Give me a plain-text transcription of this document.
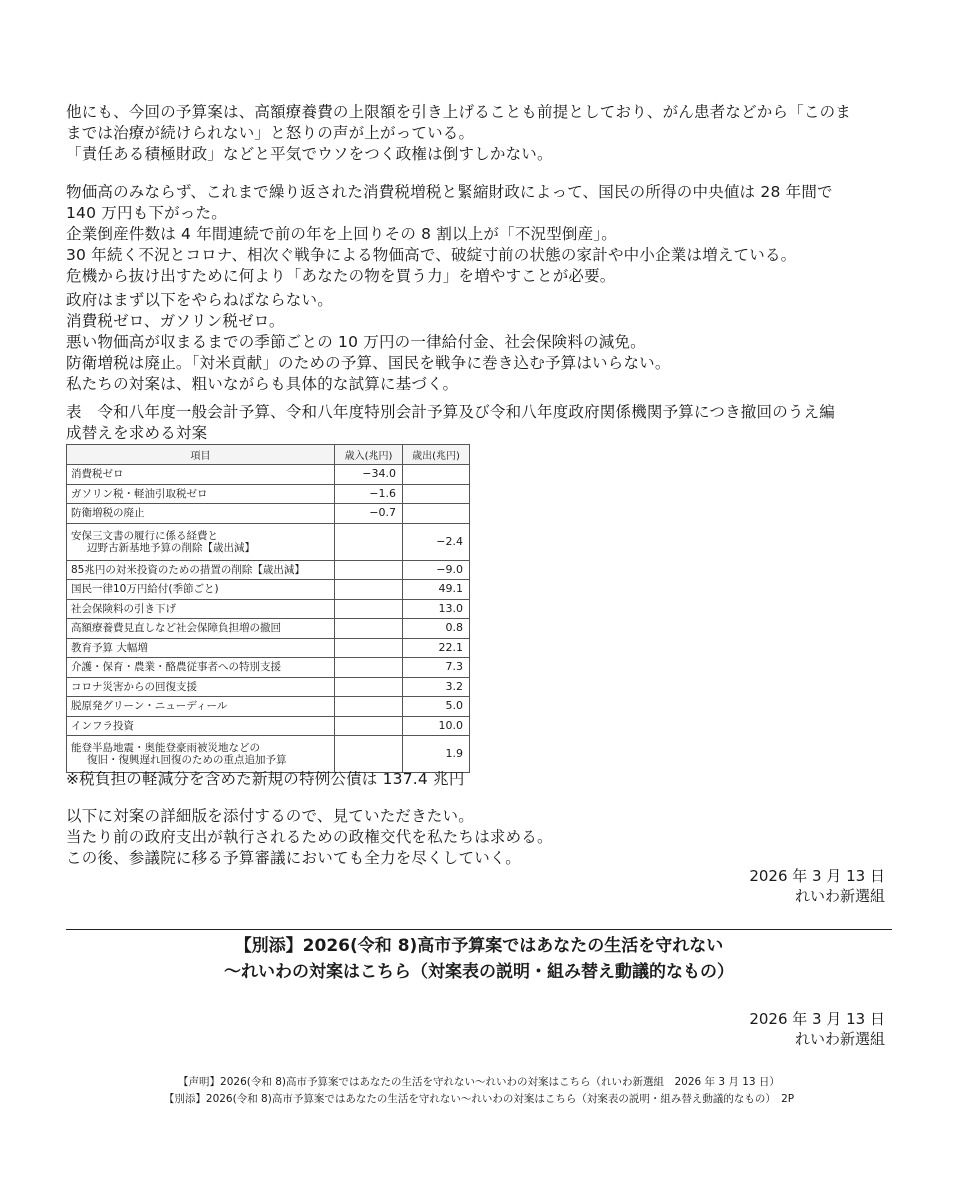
他にも、今回の予算案は、高額療養費の上限額を引き上げることも前提としており、がん患者などから「このま
までは治療が続けられない」と怒りの声が上がっている。
「責任ある積極財政」などと平気でウソをつく政権は倒すしかない。
物価高のみならず、これまで繰り返された消費税増税と緊縮財政によって、国民の所得の中央値は 28 年間で
140 万円も下がった。
企業倒産件数は 4 年間連続で前の年を上回りその 8 割以上が「不況型倒産」。
30 年続く不況とコロナ、相次ぐ戦争による物価高で、破綻寸前の状態の家計や中小企業は増えている。
危機から抜け出すために何より「あなたの物を買う力」を増やすことが必要。
政府はまず以下をやらねばならない。
消費税ゼロ、ガソリン税ゼロ。
悪い物価高が収まるまでの季節ごとの 10 万円の一律給付金、社会保険料の減免。
防衛増税は廃止。「対米貢献」のための予算、国民を戦争に巻き込む予算はいらない。
私たちの対案は、粗いながらも具体的な試算に基づく。
表　令和八年度一般会計予算、令和八年度特別会計予算及び令和八年度政府関係機関予算につき撤回のうえ編
成替えを求める対案
項目	歳入(兆円)	歳出(兆円)
消費税ゼロ	−34.0	
ガソリン税・軽油引取税ゼロ	−1.6	
防衛増税の廃止	−0.7	
安保三文書の履行に係る経費と
辺野古新基地予算の削除【歳出減】		−2.4
85兆円の対米投資のための措置の削除【歳出減】		−9.0
国民一律10万円給付(季節ごと)		49.1
社会保険料の引き下げ		13.0
高額療養費見直しなど社会保障負担増の撤回		0.8
教育予算 大幅増		22.1
介護・保育・農業・酪農従事者への特別支援		7.3
コロナ災害からの回復支援		3.2
脱原発グリーン・ニューディール		5.0
インフラ投資		10.0
能登半島地震・奥能登豪雨被災地などの
復旧・復興遅れ回復のための重点追加予算		1.9
※税負担の軽減分を含めた新規の特例公債は 137.4 兆円
以下に対案の詳細版を添付するので、見ていただきたい。
当たり前の政府支出が執行されるための政権交代を私たちは求める。
この後、参議院に移る予算審議においても全力を尽くしていく。
2026 年 3 月 13 日
れいわ新選組
【別添】2026(令和 8)高市予算案ではあなたの生活を守れない
〜れいわの対案はこちら（対案表の説明・組み替え動議的なもの）
2026 年 3 月 13 日
れいわ新選組
【声明】2026(令和 8)高市予算案ではあなたの生活を守れない〜れいわの対案はこちら（れいわ新選組　2026 年 3 月 13 日）
【別添】2026(令和 8)高市予算案ではあなたの生活を守れない〜れいわの対案はこちら（対案表の説明・組み替え動議的なもの）　2P
